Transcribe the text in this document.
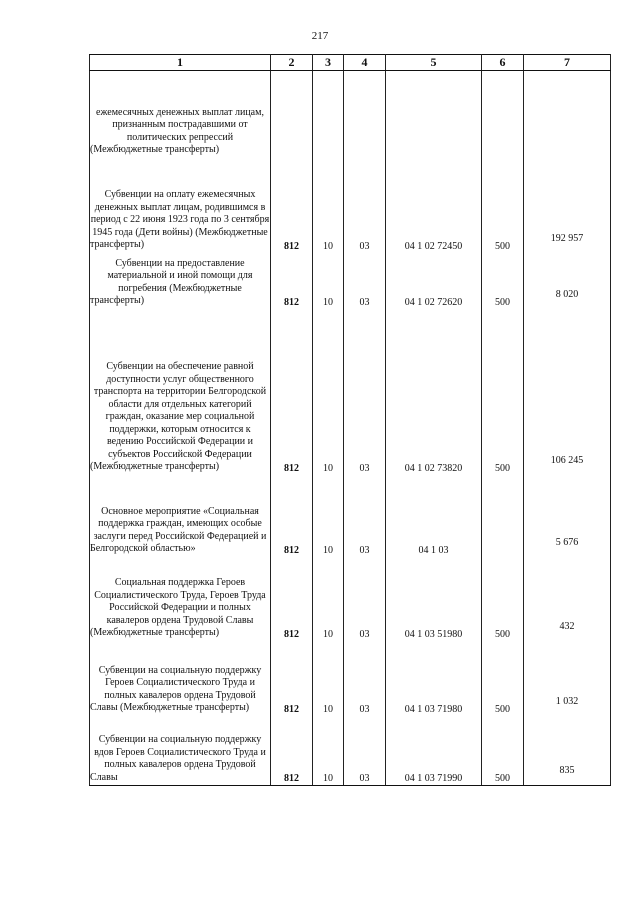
217
1	2	3	4	5	6	7
ежемесячных денежных выплат лицам, признанным пострадавшими от политических репрессий (Межбюджетные трансферты)						
Субвенции на оплату ежемесячных денежных выплат лицам, родившимся в период с 22 июня 1923 года по 3 сентября 1945 года (Дети войны) (Межбюджетные трансферты)	812	10	03	04 1 02 72450	500	192 957
Субвенции на предоставление материальной и иной помощи для погребения (Межбюджетные трансферты)	812	10	03	04 1 02 72620	500	8 020
Субвенции на обеспечение равной доступности услуг общественного транспорта на территории Белгородской области для отдельных категорий граждан, оказание мер социальной поддержки, которым относится к ведению Российской Федерации и субъектов Российской Федерации (Межбюджетные трансферты)	812	10	03	04 1 02 73820	500	106 245
Основное мероприятие «Социальная поддержка граждан, имеющих особые заслуги перед Российской Федерацией и Белгородской областью»	812	10	03	04 1 03		5 676
Социальная поддержка Героев Социалистического Труда, Героев Труда Российской Федерации и полных кавалеров ордена Трудовой Славы (Межбюджетные трансферты)	812	10	03	04 1 03 51980	500	432
Субвенции на социальную поддержку Героев Социалистического Труда и полных кавалеров ордена Трудовой Славы (Межбюджетные трансферты)	812	10	03	04 1 03 71980	500	1 032
Субвенции на социальную поддержку вдов Героев Социалистического Труда и полных кавалеров ордена Трудовой Славы	812	10	03	04 1 03 71990	500	835
